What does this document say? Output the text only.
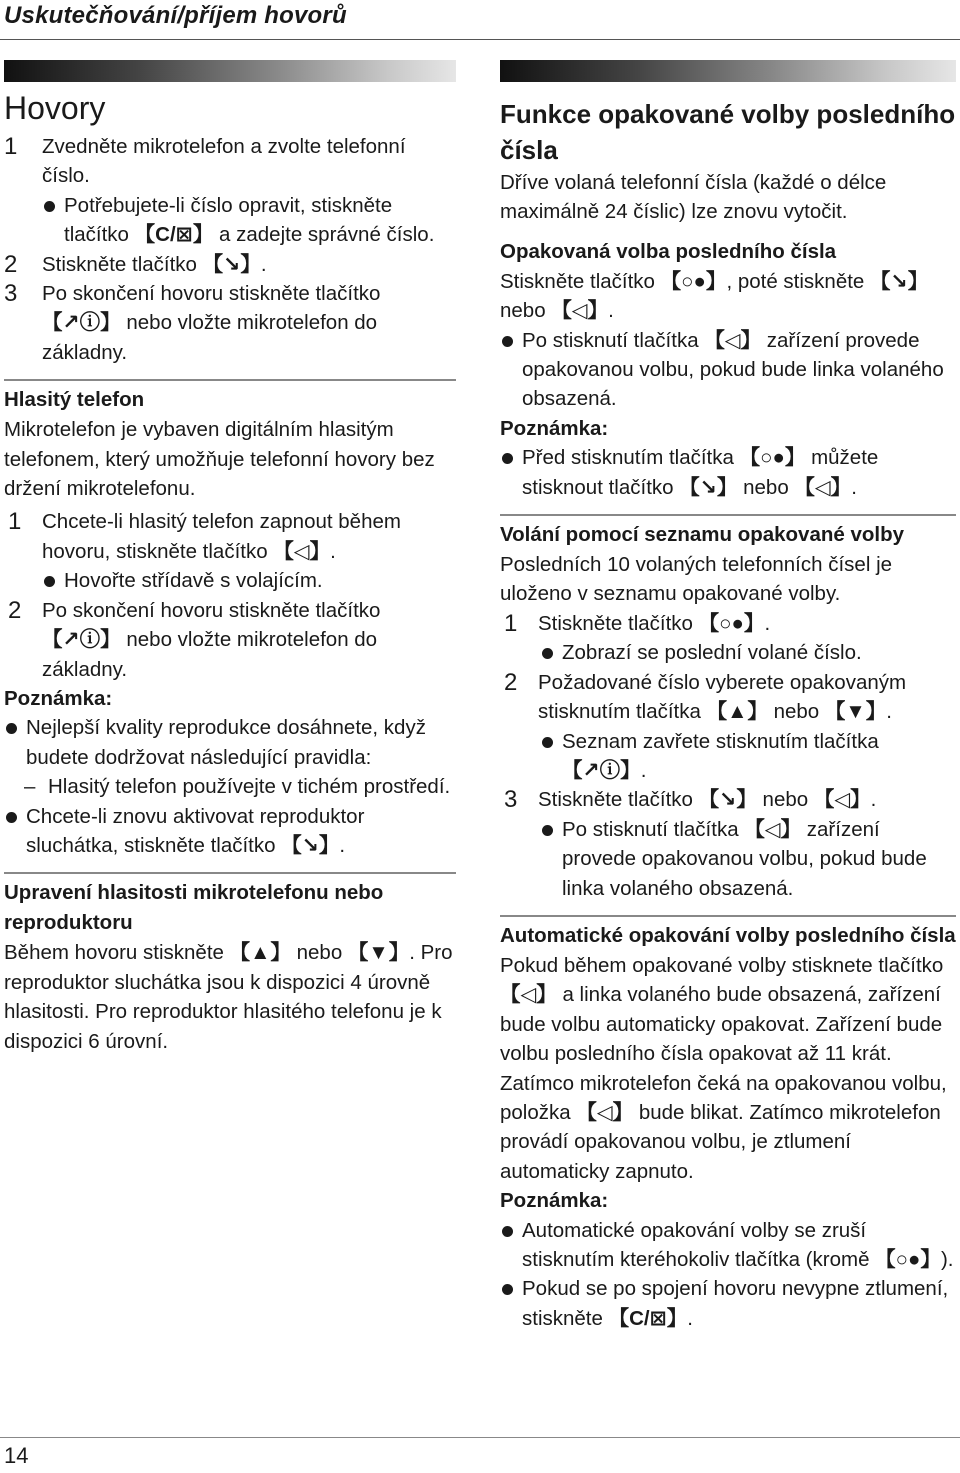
Uskutečňování/příjem hovorů
Hovory
1	Zvedněte mikrotelefon a zvolte telefonní číslo.
Potřebujete-li číslo opravit, stiskněte tlačítko 【C/⊠】 a zadejte správné číslo.
2	Stiskněte tlačítko 【↘】.
3	Po skončení hovoru stiskněte tlačítko 【↗ⓘ】 nebo vložte mikrotelefon do základny.
Hlasitý telefon
Mikrotelefon je vybaven digitálním hlasitým telefonem, který umožňuje telefonní hovory bez držení mikrotelefonu.
1	Chcete-li hlasitý telefon zapnout během hovoru, stiskněte tlačítko 【◁】.
Hovořte střídavě s volajícím.
2	Po skončení hovoru stiskněte tlačítko 【↗ⓘ】 nebo vložte mikrotelefon do základny.
Poznámka:
Nejlepší kvality reprodukce dosáhnete, když budete dodržovat následující pravidla:
– Hlasitý telefon používejte v tichém prostředí.
Chcete-li znovu aktivovat reproduktor sluchátka, stiskněte tlačítko 【↘】.
Upravení hlasitosti mikrotelefonu nebo reproduktoru
Během hovoru stiskněte 【▲】 nebo 【▼】. Pro reproduktor sluchátka jsou k dispozici 4 úrovně hlasitosti. Pro reproduktor hlasitého telefonu je k dispozici 6 úrovní.
Funkce opakované volby posledního čísla
Dříve volaná telefonní čísla (každé o délce maximálně 24 číslic) lze znovu vytočit.
Opakovaná volba posledního čísla
Stiskněte tlačítko 【○●】, poté stiskněte 【↘】 nebo 【◁】.
Po stisknutí tlačítka 【◁】 zařízení provede opakovanou volbu, pokud bude linka volaného obsazená.
Poznámka:
Před stisknutím tlačítka 【○●】 můžete stisknout tlačítko 【↘】 nebo 【◁】.
Volání pomocí seznamu opakované volby
Posledních 10 volaných telefonních čísel je uloženo v seznamu opakované volby.
1	Stiskněte tlačítko 【○●】.
Zobrazí se poslední volané číslo.
2	Požadované číslo vyberete opakovaným stisknutím tlačítka 【▲】 nebo 【▼】.
Seznam zavřete stisknutím tlačítka 【↗ⓘ】.
3	Stiskněte tlačítko 【↘】 nebo 【◁】.
Po stisknutí tlačítka 【◁】 zařízení provede opakovanou volbu, pokud bude linka volaného obsazená.
Automatické opakování volby posledního čísla
Pokud během opakované volby stisknete tlačítko 【◁】 a linka volaného bude obsazená, zařízení bude volbu automaticky opakovat. Zařízení bude volbu posledního čísla opakovat až 11 krát. Zatímco mikrotelefon čeká na opakovanou volbu, položka 【◁】 bude blikat. Zatímco mikrotelefon provádí opakovanou volbu, je ztlumení automaticky zapnuto.
Poznámka:
Automatické opakování volby se zruší stisknutím kteréhokoliv tlačítka (kromě 【○●】).
Pokud se po spojení hovoru nevypne ztlumení, stiskněte 【C/⊠】.
14
